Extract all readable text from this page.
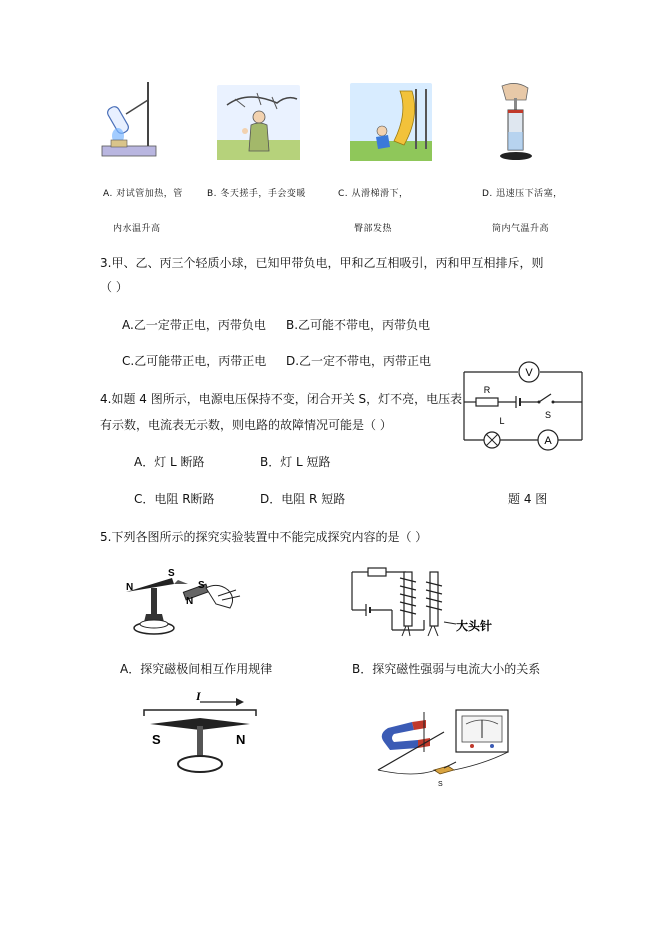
A. 对试管加热，管	B. 冬天搓手，手会变暖	C. 从滑梯滑下，	D. 迅速压下活塞，
内水温升高	臀部发热	筒内气温升高
3.甲、乙、丙三个轻质小球，已知甲带负电，甲和乙互相吸引，丙和甲互相排斥，则
（ ）
A.乙一定带正电，丙带负电 B.乙可能不带电，丙带负电
C.乙可能带正电，丙带正电 D.乙一定不带电，丙带正电
4.如题 4 图所示，电源电压保持不变，闭合开关 S，灯不亮，电压表
有示数，电流表无示数，则电路的故障情况可能是（ ）
A．灯 L 断路	B．灯 L 短路
C．电阻 R断路	D．电阻 R 短路	题 4 图
V
R
L
S
A
5.下列各图所示的探究实验装置中不能完成探究内容的是（ ）
N
S
S
N
大头针
A．探究磁极间相互作用规律	B．探究磁性强弱与电流大小的关系
I
S	N
S
